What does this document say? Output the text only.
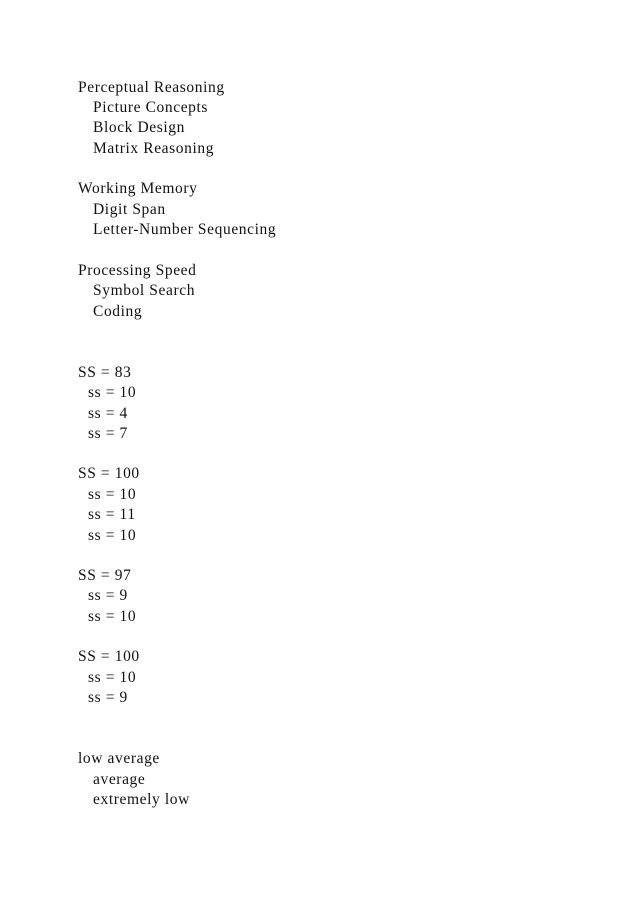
Perceptual Reasoning
Picture Concepts
Block Design
Matrix Reasoning
Working Memory
Digit Span
Letter-Number Sequencing
Processing Speed
Symbol Search
Coding
SS = 83
ss = 10
ss = 4
ss = 7
SS = 100
ss = 10
ss = 11
ss = 10
SS = 97
ss = 9
ss = 10
SS = 100
ss = 10
ss = 9
low average
average
extremely low
